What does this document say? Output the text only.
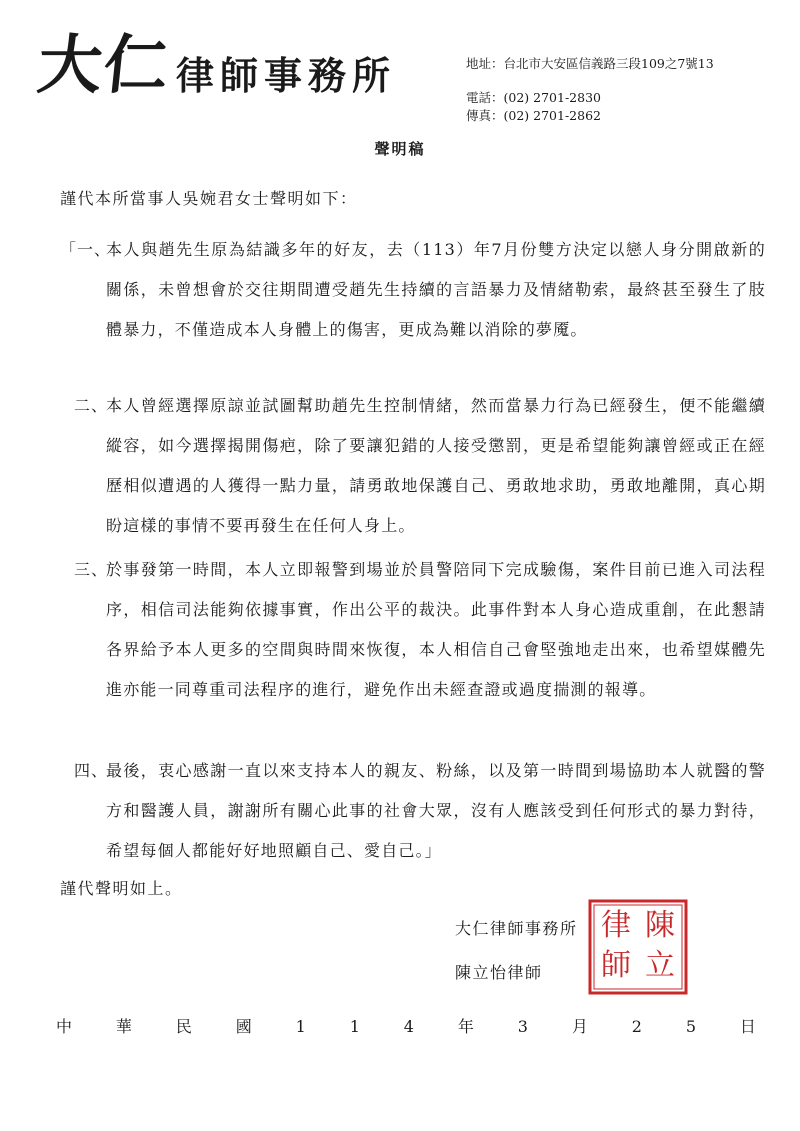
大仁 律師事務所	地址：台北市大安區信義路三段109之7號13
電話：(02) 2701-2830
傳真：(02) 2701-2862
聲明稿
謹代本所當事人吳婉君女士聲明如下：
「一、
本人與趙先生原為結識多年的好友，去（113）年7月份雙方決定以戀人身分開啟新的關係，未曾想會於交往期間遭受趙先生持續的言語暴力及情緒勒索，最終甚至發生了肢體暴力，不僅造成本人身體上的傷害，更成為難以消除的夢魇。
二、
本人曾經選擇原諒並試圖幫助趙先生控制情緒，然而當暴力行為已經發生，便不能繼續縱容，如今選擇揭開傷疤，除了要讓犯錯的人接受懲罰，更是希望能夠讓曾經或正在經歷相似遭遇的人獲得一點力量，請勇敢地保護自己、勇敢地求助，勇敢地離開，真心期盼這樣的事情不要再發生在任何人身上。
三、
於事發第一時間，本人立即報警到場並於員警陪同下完成驗傷，案件目前已進入司法程序，相信司法能夠依據事實，作出公平的裁決。此事件對本人身心造成重創，在此懇請各界給予本人更多的空間與時間來恢復，本人相信自己會堅強地走出來，也希望媒體先進亦能一同尊重司法程序的進行，避免作出未經查證或過度揣測的報導。
四、
最後，衷心感謝一直以來支持本人的親友、粉絲，以及第一時間到場協助本人就醫的警方和醫護人員，謝謝所有關心此事的社會大眾，沒有人應該受到任何形式的暴力對待，希望每個人都能好好地照顧自己、愛自己。」
謹代聲明如上。
大仁律師事務所
陳立怡律師
陳
立
律
師
中	華	民	國	1	1	4	年	3	月	2	5	日
